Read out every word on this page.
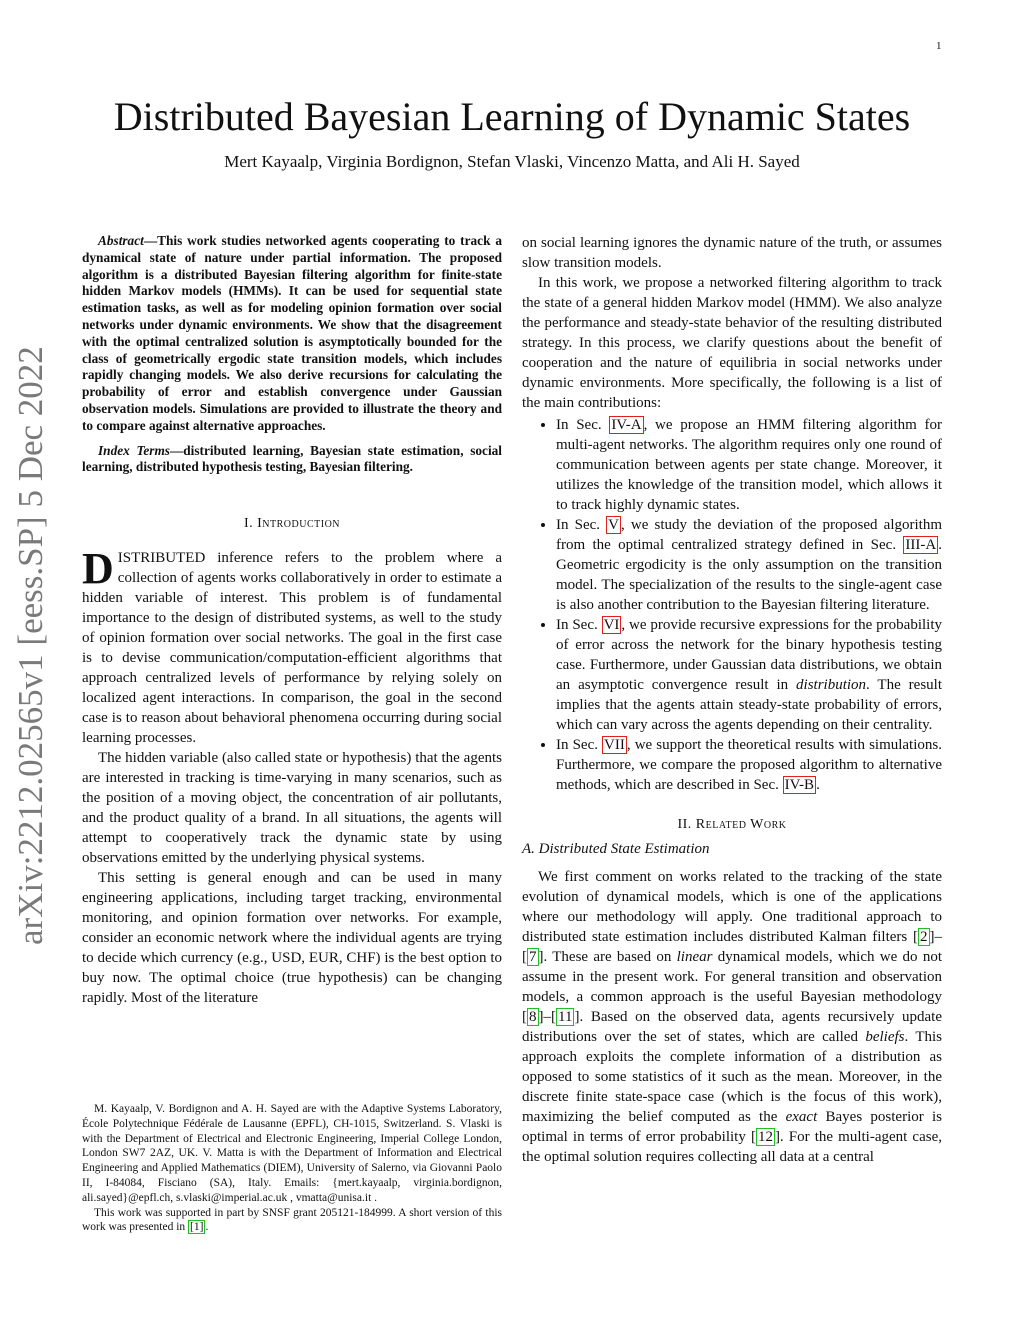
1
arXiv:2212.02565v1 [eess.SP] 5 Dec 2022
Distributed Bayesian Learning of Dynamic States
Mert Kayaalp, Virginia Bordignon, Stefan Vlaski, Vincenzo Matta, and Ali H. Sayed

Abstract—This work studies networked agents cooperating to track a dynamical state of nature under partial information. The proposed algorithm is a distributed Bayesian filtering algorithm for finite-state hidden Markov models (HMMs). It can be used for sequential state estimation tasks, as well as for modeling opinion formation over social networks under dynamic environments. We show that the disagreement with the optimal centralized solution is asymptotically bounded for the class of geometrically ergodic state transition models, which includes rapidly changing models. We also derive recursions for calculating the probability of error and establish convergence under Gaussian observation models. Simulations are provided to illustrate the theory and to compare against alternative approaches.

Index Terms—distributed learning, Bayesian state estimation, social learning, distributed hypothesis testing, Bayesian filtering.

I. Introduction

DISTRIBUTED inference refers to the problem where a collection of agents works collaboratively in order to estimate a hidden variable of interest. This problem is of fundamental importance to the design of distributed systems, as well to the study of opinion formation over social networks. The goal in the first case is to devise communication/computation-efficient algorithms that approach centralized levels of performance by relying solely on localized agent interactions. In comparison, the goal in the second case is to reason about behavioral phenomena occurring during social learning processes.

The hidden variable (also called state or hypothesis) that the agents are interested in tracking is time-varying in many scenarios, such as the position of a moving object, the concentration of air pollutants, and the product quality of a brand. In all situations, the agents will attempt to cooperatively track the dynamic state by using observations emitted by the underlying physical systems.

This setting is general enough and can be used in many engineering applications, including target tracking, environmental monitoring, and opinion formation over networks. For example, consider an economic network where the individual agents are trying to decide which currency (e.g., USD, EUR, CHF) is the best option to buy now. The optimal choice (true hypothesis) can be changing rapidly. Most of the literature

M. Kayaalp, V. Bordignon and A. H. Sayed are with the Adaptive Systems Laboratory, École Polytechnique Fédérale de Lausanne (EPFL), CH-1015, Switzerland. S. Vlaski is with the Department of Electrical and Electronic Engineering, Imperial College London, London SW7 2AZ, UK. V. Matta is with the Department of Information and Electrical Engineering and Applied Mathematics (DIEM), University of Salerno, via Giovanni Paolo II, I-84084, Fisciano (SA), Italy. Emails: {mert.kayaalp, virginia.bordignon, ali.sayed}@epfl.ch, s.vlaski@imperial.ac.uk , vmatta@unisa.it .

This work was supported in part by SNSF grant 205121-184999. A short version of this work was presented in [1] .

on social learning ignores the dynamic nature of the truth, or assumes slow transition models.

In this work, we propose a networked filtering algorithm to track the state of a general hidden Markov model (HMM). We also analyze the performance and steady-state behavior of the resulting distributed strategy. In this process, we clarify questions about the benefit of cooperation and the nature of equilibria in social networks under dynamic environments. More specifically, the following is a list of the main contributions:

• In Sec. IV-A , we propose an HMM filtering algorithm for multi-agent networks. The algorithm requires only one round of communication between agents per state change. Moreover, it utilizes the knowledge of the transition model, which allows it to track highly dynamic states.
• In Sec. V , we study the deviation of the proposed algorithm from the optimal centralized strategy defined in Sec. III-A . Geometric ergodicity is the only assumption on the transition model. The specialization of the results to the single-agent case is also another contribution to the Bayesian filtering literature.
• In Sec. VI , we provide recursive expressions for the probability of error across the network for the binary hypothesis testing case. Furthermore, under Gaussian data distributions, we obtain an asymptotic convergence result in distribution. The result implies that the agents attain steady-state probability of errors, which can vary across the agents depending on their centrality.
• In Sec. VII , we support the theoretical results with simulations. Furthermore, we compare the proposed algorithm to alternative methods, which are described in Sec. IV-B .
II. Related Work

A. Distributed State Estimation

We first comment on works related to the tracking of the state evolution of dynamical models, which is one of the applications where our methodology will apply. One traditional approach to distributed state estimation includes distributed Kalman filters [ 2 ]–[ 7 ]. These are based on linear dynamical models, which we do not assume in the present work. For general transition and observation models, a common approach is the useful Bayesian methodology [ 8 ]–[ 11 ]. Based on the observed data, agents recursively update distributions over the set of states, which are called beliefs. This approach exploits the complete information of a distribution as opposed to some statistics of it such as the mean. Moreover, in the discrete finite state-space case (which is the focus of this work), maximizing the belief computed as the exact Bayes posterior is optimal in terms of error probability [ 12 ]. For the multi-agent case, the optimal solution requires collecting all data at a central
